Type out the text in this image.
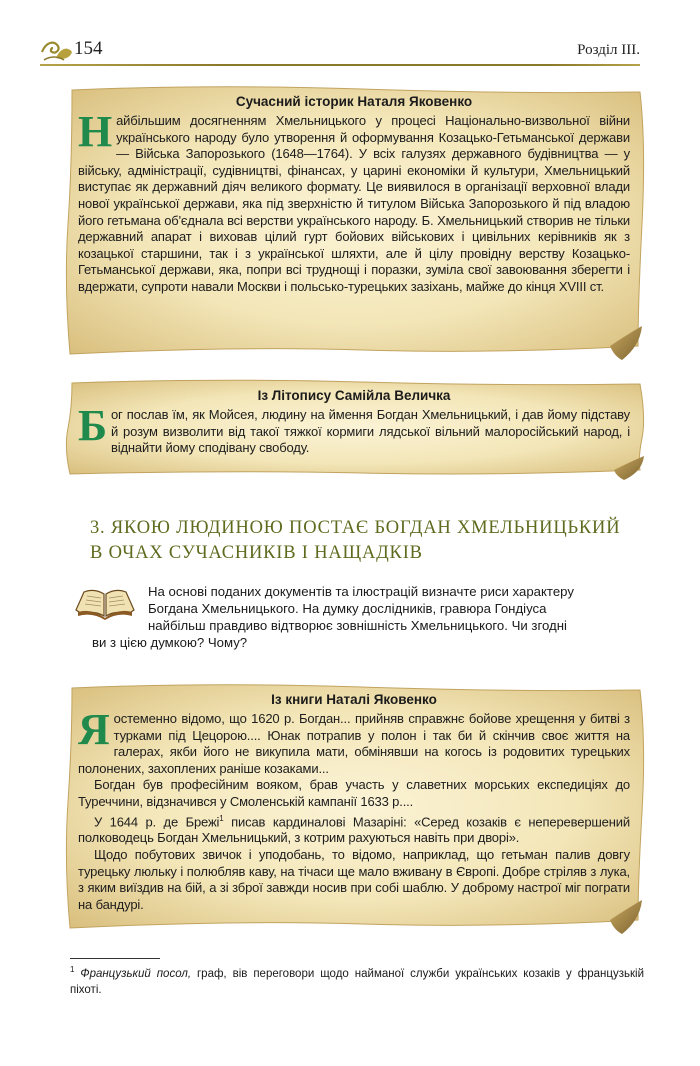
154	Розділ III.
Сучасний історик Наталя Яковенко
Н айбільшим досягненням Хмельницького у процесі Національно-визвольної війни українського народу було утворення й оформування Козацько-Гетьманської держави — Війська Запорозького (1648—1764). У всіх галузях державного будівництва — у війську, адміністрації, судівництві, фінансах, у царині економіки й культури, Хмельницький виступає як державний діяч великого формату. Це виявилося в організації верховної влади нової української держави, яка під зверхністю й титулом Війська Запорозького й під владою його гетьмана об'єднала всі верстви українського народу. Б. Хмельницький створив не тільки державний апарат і виховав цілий гурт бойових військових і цивільних керівників як з козацької старшини, так і з української шляхти, але й цілу провідну верству Козацько-Гетьманської держави, яка, попри всі труднощі і поразки, зуміла свої завоювання зберегти і вдержати, супроти навали Москви і польсько-турецьких зазіхань, майже до кінця XVIII ст.
Із Літопису Самійла Величка
Б ог послав їм, як Мойсея, людину на ймення Богдан Хмельницький, і дав йому підставу й розум визволити від такої тяжкої кормиги лядської вільний малоросійський народ, і віднайти йому сподівану свободу.
3. ЯКОЮ ЛЮДИНОЮ ПОСТАЄ БОГДАН ХМЕЛЬНИЦЬКИЙ
В ОЧАХ СУЧАСНИКІВ І НАЩАДКІВ
На основі поданих документів та ілюстрацій визначте риси характеру
Богдана Хмельницького. На думку дослідників, гравюра Гондіуса
найбільш правдиво відтворює зовнішність Хмельницького. Чи згодні
ви з цією думкою? Чому?
Із книги Наталі Яковенко

Яостеменно відомо, що 1620 р. Богдан... прийняв справжнє бойове хрещення у битві з турками під Цецорою.... Юнак потрапив у полон і так би й скінчив своє життя на галерах, якби його не викупила мати, обмінявши на когось із родовитих турецьких полонених, захоплених раніше козаками...

Богдан був професійним вояком, брав участь у славетних морських експедиціях до Туреччини, відзначився у Смоленській кампанії 1633 р....

У 1644 р. де Брежі$^1$ писав кардиналові Мазаріні: «Серед козаків є неперевершений полководець Богдан Хмельницький, з котрим рахуються навіть при дворі».

Щодо побутових звичок і уподобань, то відомо, наприклад, що гетьман палив довгу турецьку люльку і полюбляв каву, на тічаси ще мало вживану в Європі. Добре стріляв з лука, з яким виїздив на бій, а зі зброї завжди носив при собі шаблю. У доброму настрої міг пограти на бандурі.

$^1$ Французький посол, граф, вів переговори щодо найманої служби українських козаків у французькій піхоті.
